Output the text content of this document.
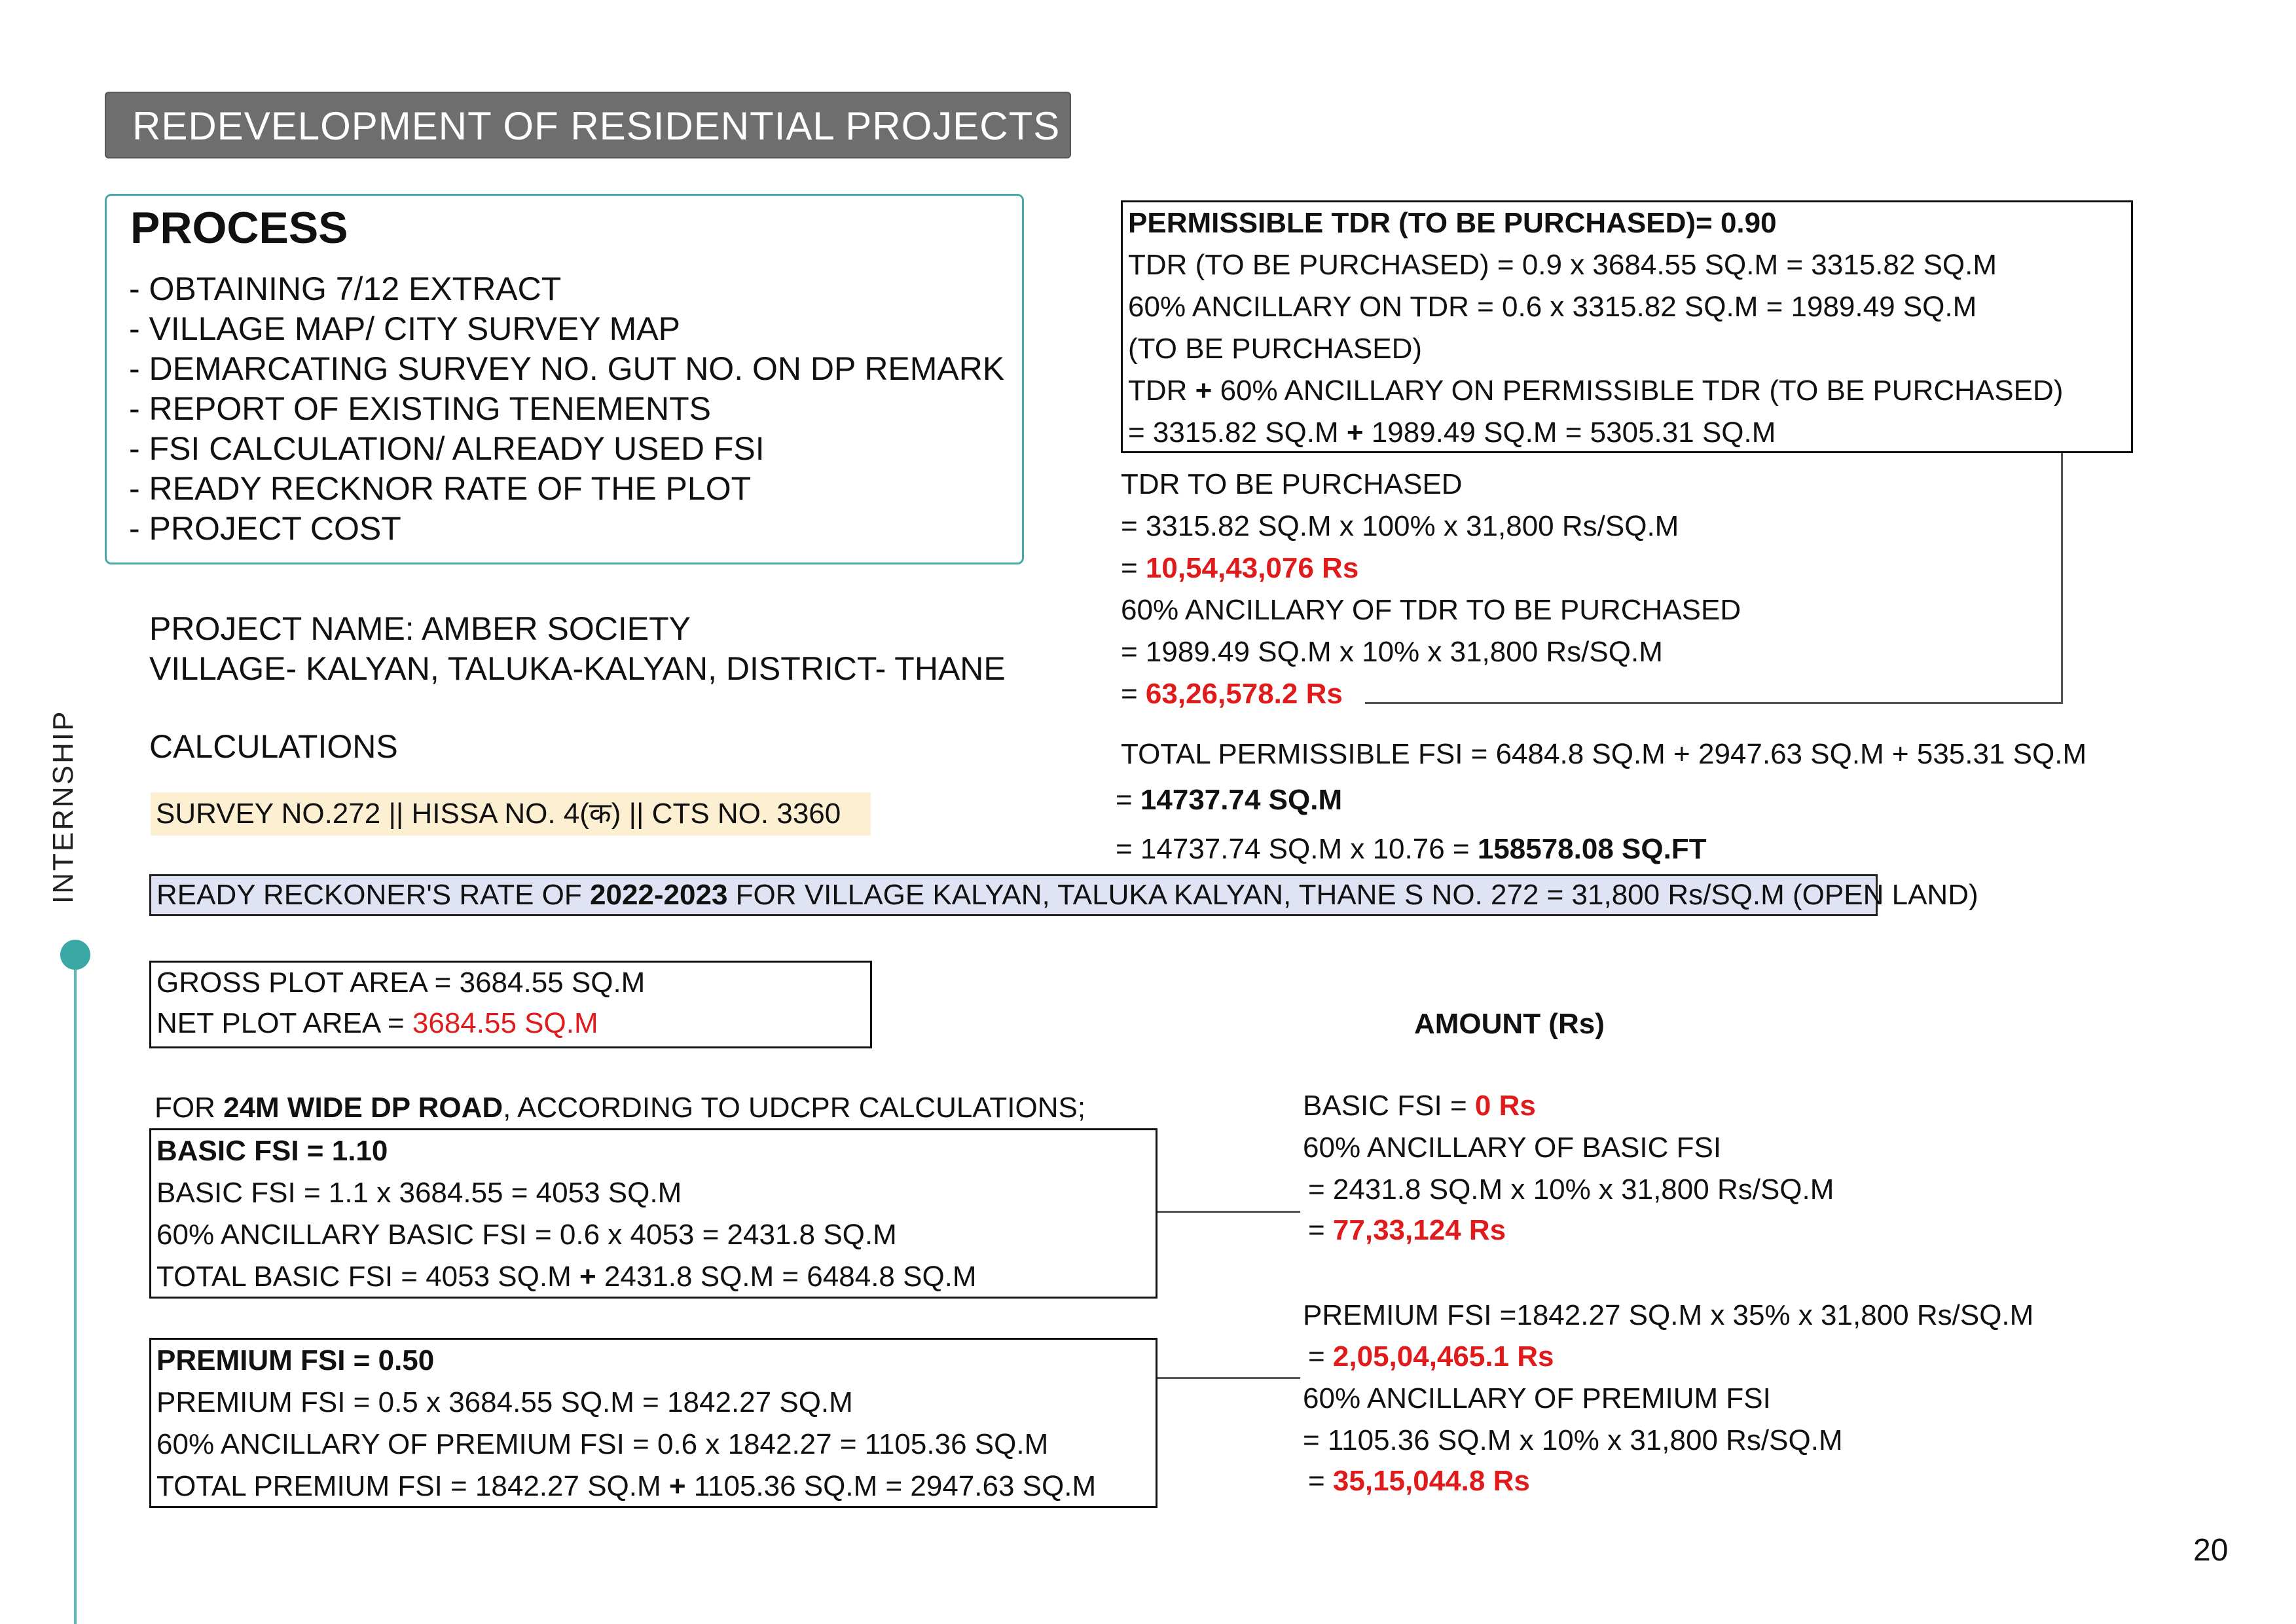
REDEVELOPMENT OF RESIDENTIAL PROJECTS
INTERNSHIP
PROCESS
- OBTAINING 7/12 EXTRACT
- VILLAGE MAP/ CITY SURVEY MAP
- DEMARCATING SURVEY NO. GUT NO. ON DP REMARK
- REPORT OF EXISTING TENEMENTS
- FSI CALCULATION/ ALREADY USED FSI
- READY RECKNOR RATE OF THE PLOT
- PROJECT COST
PROJECT NAME: AMBER SOCIETY
VILLAGE- KALYAN, TALUKA-KALYAN, DISTRICT- THANE
CALCULATIONS
SURVEY NO.272 || HISSA NO. 4(क) || CTS NO. 3360
READY RECKONER'S RATE OF 2022-2023 FOR VILLAGE KALYAN, TALUKA KALYAN, THANE S NO. 272 = 31,800 Rs/SQ.M (OPEN LAND)
GROSS PLOT AREA = 3684.55 SQ.M
NET PLOT AREA = 3684.55 SQ.M
FOR 24M WIDE DP ROAD, ACCORDING TO UDCPR CALCULATIONS;
BASIC FSI = 1.10
BASIC FSI = 1.1 x 3684.55 = 4053 SQ.M
60% ANCILLARY BASIC FSI = 0.6 x 4053 = 2431.8 SQ.M
TOTAL BASIC FSI = 4053 SQ.M + 2431.8 SQ.M = 6484.8 SQ.M
PREMIUM FSI = 0.50
PREMIUM FSI = 0.5 x 3684.55 SQ.M = 1842.27 SQ.M
60% ANCILLARY OF PREMIUM FSI = 0.6 x 1842.27 = 1105.36 SQ.M
TOTAL PREMIUM FSI = 1842.27 SQ.M + 1105.36 SQ.M = 2947.63 SQ.M
PERMISSIBLE TDR (TO BE PURCHASED)= 0.90
TDR (TO BE PURCHASED) = 0.9 x 3684.55 SQ.M = 3315.82 SQ.M
60% ANCILLARY ON TDR = 0.6 x 3315.82 SQ.M = 1989.49 SQ.M
(TO BE PURCHASED)
TDR + 60% ANCILLARY ON PERMISSIBLE TDR (TO BE PURCHASED)
= 3315.82 SQ.M + 1989.49 SQ.M = 5305.31 SQ.M
TDR TO BE PURCHASED
= 3315.82 SQ.M x 100% x 31,800 Rs/SQ.M
= 10,54,43,076 Rs
60% ANCILLARY OF TDR TO BE PURCHASED
= 1989.49 SQ.M x 10% x 31,800 Rs/SQ.M
= 63,26,578.2 Rs
TOTAL PERMISSIBLE FSI = 6484.8 SQ.M + 2947.63 SQ.M + 535.31 SQ.M
= 14737.74 SQ.M
= 14737.74 SQ.M x 10.76 = 158578.08 SQ.FT
AMOUNT (Rs)
BASIC FSI = 0 Rs
60% ANCILLARY OF BASIC FSI
= 2431.8 SQ.M x 10% x 31,800 Rs/SQ.M
= 77,33,124 Rs
PREMIUM FSI =1842.27 SQ.M x 35% x 31,800 Rs/SQ.M
= 2,05,04,465.1 Rs
60% ANCILLARY OF PREMIUM FSI
= 1105.36 SQ.M x 10% x 31,800 Rs/SQ.M
= 35,15,044.8 Rs
20
